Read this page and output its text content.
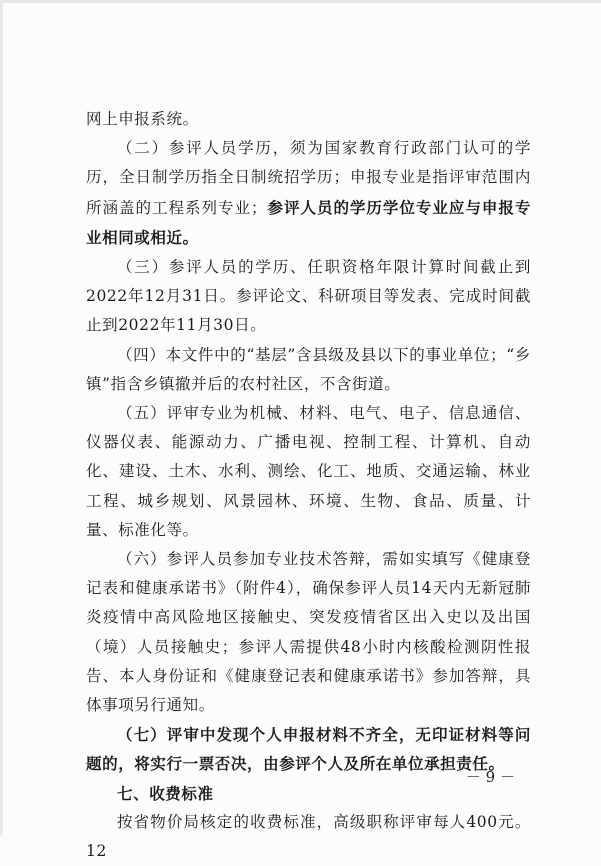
网上申报系统。

（二）参评人员学历，须为国家教育行政部门认可的学历，全日制学历指全日制统招学历；申报专业是指评审范围内所涵盖的工程系列专业；参评人员的学历学位专业应与申报专业相同或相近。

（三）参评人员的学历、任职资格年限计算时间截止到2022年12月31日。参评论文、科研项目等发表、完成时间截止到2022年11月30日。

（四）本文件中的“基层”含县级及县以下的事业单位；“乡镇”指含乡镇撤并后的农村社区，不含街道。

（五）评审专业为机械、材料、电气、电子、信息通信、仪器仪表、能源动力、广播电视、控制工程、计算机、自动化、建设、土木、水利、测绘、化工、地质、交通运输、林业工程、城乡规划、风景园林、环境、生物、食品、质量、计量、标准化等。

（六）参评人员参加专业技术答辩，需如实填写《健康登记表和健康承诺书》（附件4），确保参评人员14天内无新冠肺炎疫情中高风险地区接触史、突发疫情省区出入史以及出国（境）人员接触史；参评人需提供48小时内核酸检测阴性报告、本人身份证和《健康登记表和健康承诺书》参加答辩，具体事项另行通知。

（七）评审中发现个人申报材料不齐全，无印证材料等问题的，将实行一票否决，由参评个人及所在单位承担责任。

七、收费标准

按省物价局核定的收费标准，高级职称评审每人400元。12

－ 9 －
